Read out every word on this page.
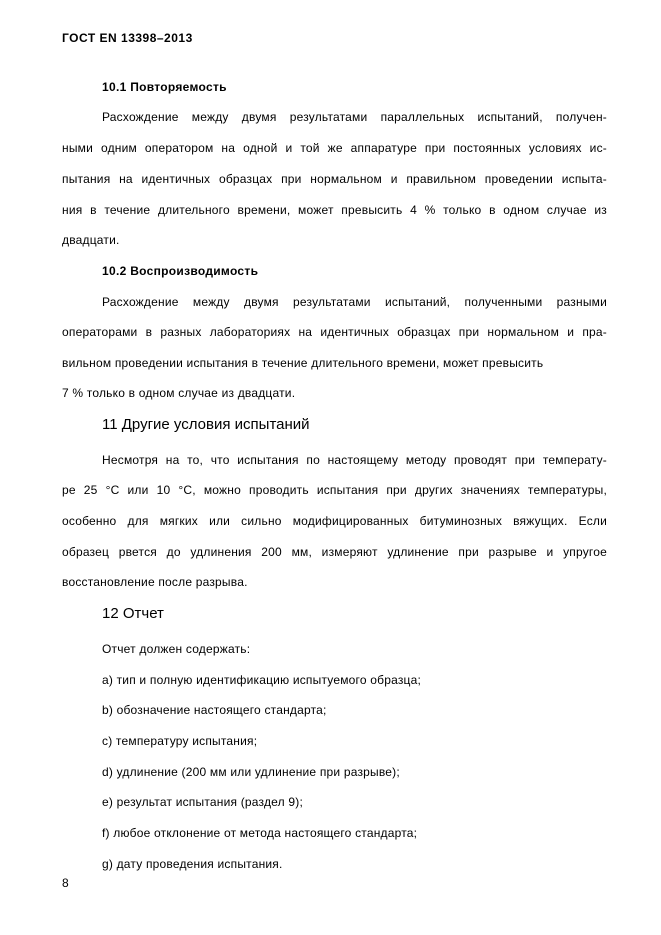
ГОСТ EN 13398–2013
10.1 Повторяемость
Расхождение между двумя результатами параллельных испытаний, получен-
ными одним оператором на одной и той же аппаратуре при постоянных условиях ис-
пытания на идентичных образцах при нормальном и правильном проведении испыта-
ния в течение длительного времени, может превысить 4 % только в одном случае из
двадцати.
10.2 Воспроизводимость
Расхождение между двумя результатами испытаний, полученными разными
операторами в разных лабораториях на идентичных образцах при нормальном и пра-
вильном проведении испытания в течение длительного времени, может превысить
7 % только в одном случае из двадцати.
11 Другие условия испытаний
Несмотря на то, что испытания по настоящему методу проводят при температу-
ре 25 °С или 10 °С, можно проводить испытания при других значениях температуры,
особенно для мягких или сильно модифицированных битуминозных вяжущих. Если
образец рвется до удлинения 200 мм, измеряют удлинение при разрыве и упругое
восстановление после разрыва.
12 Отчет
Отчет должен содержать:
а) тип и полную идентификацию испытуемого образца;
b) обозначение настоящего стандарта;
c) температуру испытания;
d) удлинение (200 мм или удлинение при разрыве);
e) результат испытания (раздел 9);
f) любое отклонение от метода настоящего стандарта;
g) дату проведения испытания.
8
